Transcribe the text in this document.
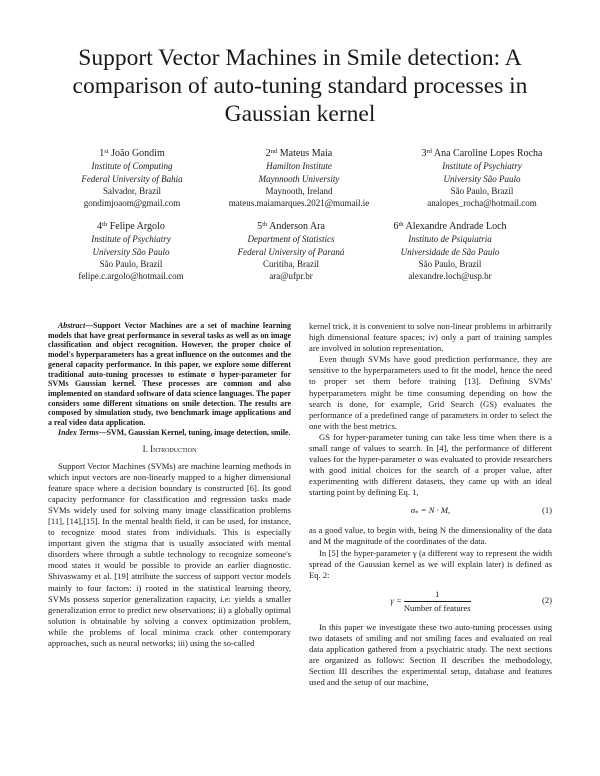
Support Vector Machines in Smile detection: A comparison of auto-tuning standard processes in Gaussian kernel
1st João Gondim
Institute of Computing
Federal University of Bahia
Salvador, Brazil
gondimjoaom@gmail.com
2nd Mateus Maia
Hamilton Institute
Maynnooth University
Maynooth, Ireland
mateus.maiamarques.2021@mumail.ie
3rd Ana Caroline Lopes Rocha
Institute of Psychiatry
University São Paulo
São Paulo, Brazil
analopes_rocha@hotmail.com
4th Felipe Argolo
Institute of Psychiatry
University São Paulo
São Paulo, Brazil
felipe.c.argolo@hotmail.com
5th Anderson Ara
Department of Statistics
Federal University of Paraná
Curitiba, Brazil
ara@ufpr.br
6th Alexandre Andrade Loch
Instituto de Psiquiatria
Universidade de São Paulo
São Paulo, Brazil
alexandre.loch@usp.br

Abstract—Support Vector Machines are a set of machine learning models that have great performance in several tasks as well as on image classification and object recognition. However, the proper choice of model's hyperparameters has a great influence on the outcomes and the general capacity performance. In this paper, we explore some different traditional auto-tuning processes to estimate σ hyper-parameter for SVMs Gaussian kernel. These processes are common and also implemented on standard software of data science languages. The paper considers some different situations on smile detection. The results are composed by simulation study, two benchmark image applications and a real video data application.

Index Terms—SVM, Gaussian Kernel, tuning, image detection, smile.

I. Introduction

Support Vector Machines (SVMs) are machine learning methods in which input vectors are non-linearly mapped to a higher dimensional feature space where a decision boundary is constructed [6]. Its good capacity performance for classification and regression tasks made SVMs widely used for solving many image classification problems [11], [14],[15]. In the mental health field, it can be used, for instance, to recognize mood states from individuals. This is especially important given the stigma that is usually associated with mental disorders where through a subtle technology to recognize someone's mood states it would be possible to provide an earlier diagnostic. Shivaswamy et al. [19] attribute the success of support vector models mainly to four factors: i) rooted in the statistical learning theory, SVMs possess superior generalization capacity, i.e: yields a smaller generalization error to predict new observations; ii) a globally optimal solution is obtainable by solving a convex optimization problem, while the problems of local minima crack other contemporary approaches, such as neural networks; iii) using the so-called

kernel trick, it is convenient to solve non-linear problems in arbitrarily high dimensional feature spaces; iv) only a part of training samples are involved in solution representation.

Even though SVMs have good prediction performance, they are sensitive to the hyperparameters used to fit the model, hence the need to proper set them before training [13]. Defining SVMs' hyperparameters might be time consuming depending on how the search is done, for example, Grid Search (GS) evaluates the performance of a predefined range of parameters in order to select the one with the best metrics.

GS for hyper-parameter tuning can take less time when there is a small range of values to search. In [4], the performance of different values for the hyper-parameter σ was evaluated to provide researchers with good initial choices for the search of a proper value, after experimenting with different datasets, they came up with an ideal starting point by defining Eq. 1,

$\sigma_* = N \cdot M$,	(1)

as a good value, to begin with, being N the dimensionality of the data and M the magnitude of the coordinates of the data.

In [5] the hyper-parameter γ (a different way to represent the width spread of the Gaussian kernel as we will explain later) is defined as Eq. 2:

$\gamma = \frac{1}{\text{Number of features}}$	(2)

In this paper we investigate these two auto-tuning processes using two datasets of smiling and not smiling faces and evaluated on real data application gathered from a psychiatric study. The next sections are organized as follows: Section II describes the methodology, Section III describes the experimental setup, database and features used and the setup of our machine,
